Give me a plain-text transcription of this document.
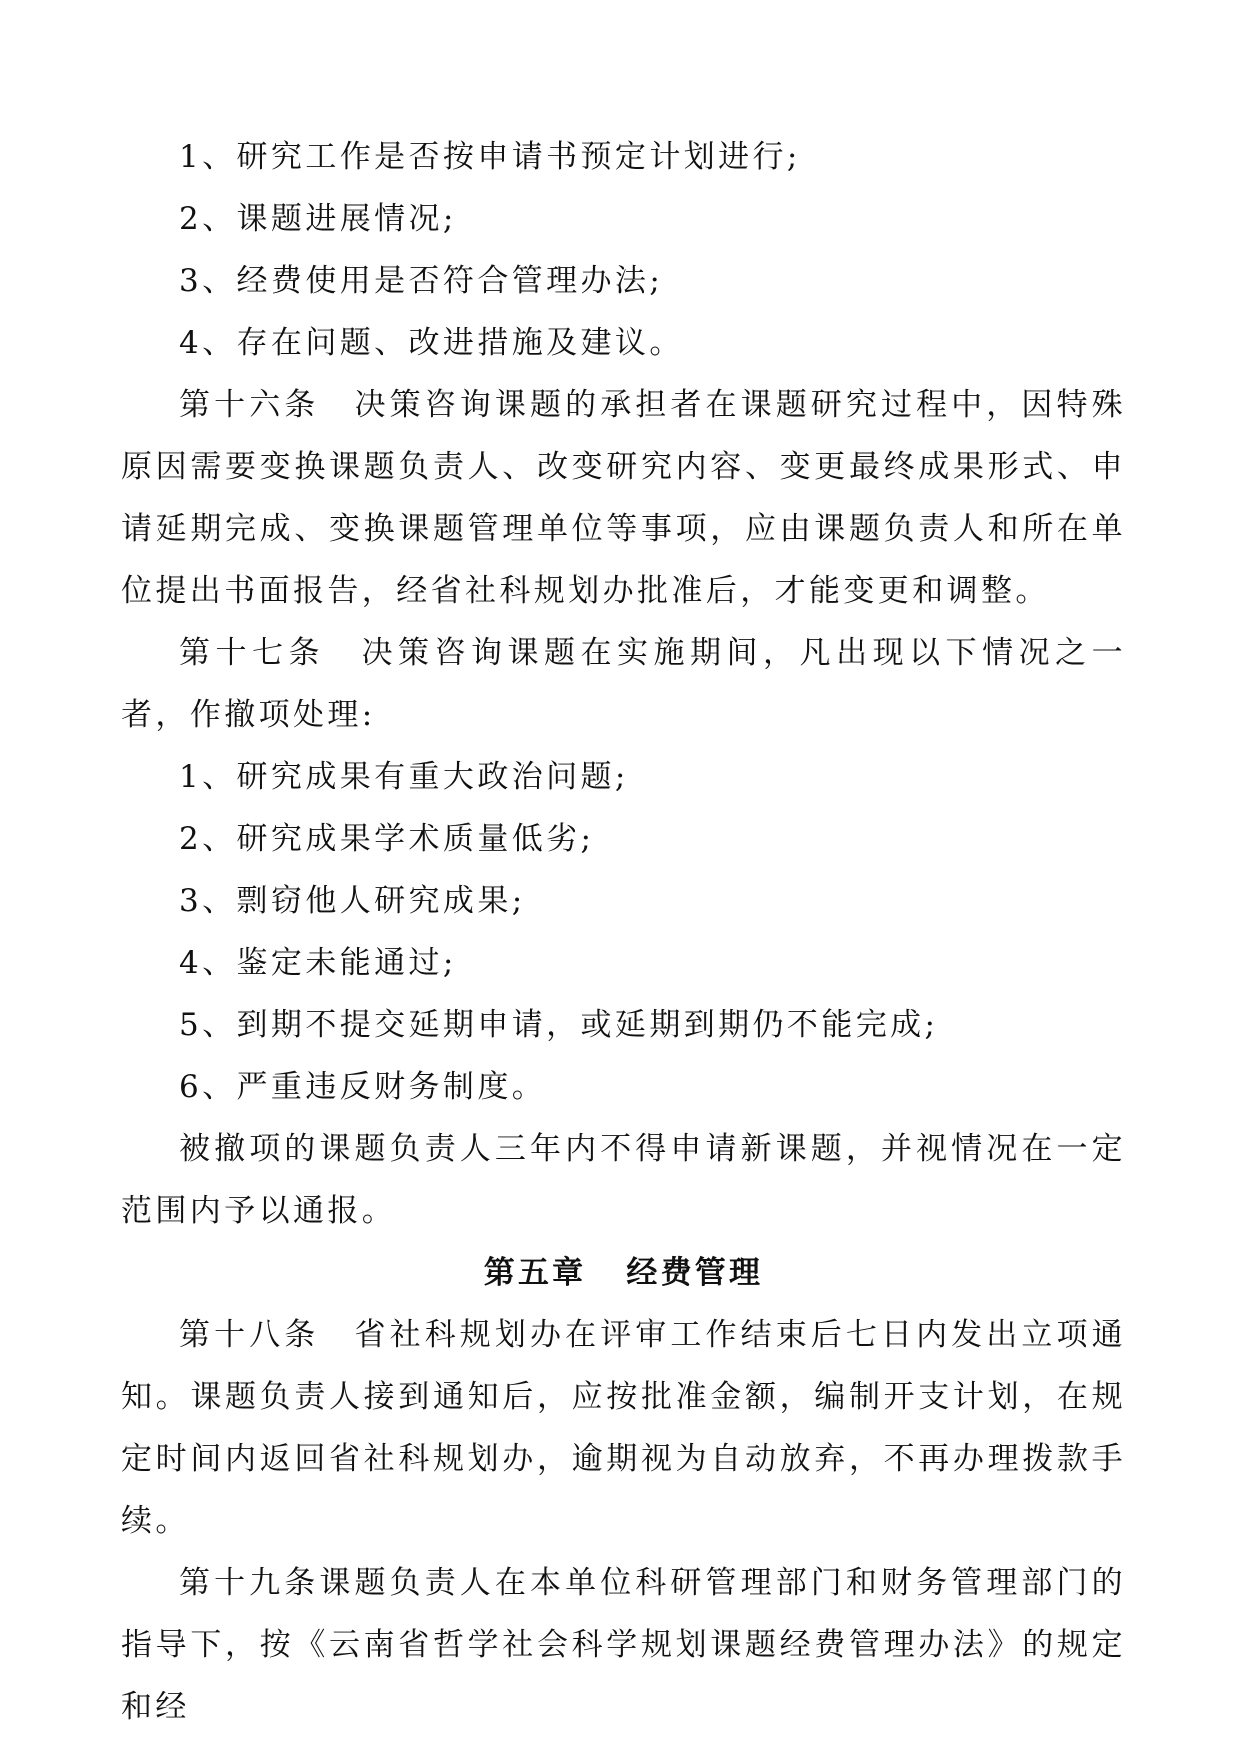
1、研究工作是否按申请书预定计划进行;

2、课题进展情况;

3、经费使用是否符合管理办法;

4、存在问题、改进措施及建议。

第十六条　决策咨询课题的承担者在课题研究过程中，因特殊原因需要变换课题负责人、改变研究内容、变更最终成果形式、申请延期完成、变换课题管理单位等事项，应由课题负责人和所在单位提出书面报告，经省社科规划办批准后，才能变更和调整。

第十七条　决策咨询课题在实施期间，凡出现以下情况之一者，作撤项处理:

1、研究成果有重大政治问题;

2、研究成果学术质量低劣;

3、剽窃他人研究成果;

4、鉴定未能通过;

5、到期不提交延期申请，或延期到期仍不能完成;

6、严重违反财务制度。

被撤项的课题负责人三年内不得申请新课题，并视情况在一定范围内予以通报。

第五章 经费管理

第十八条　省社科规划办在评审工作结束后七日内发出立项通知。课题负责人接到通知后，应按批准金额，编制开支计划，在规定时间内返回省社科规划办，逾期视为自动放弃，不再办理拨款手续。

第十九条课题负责人在本单位科研管理部门和财务管理部门的指导下，按《云南省哲学社会科学规划课题经费管理办法》的规定和经
